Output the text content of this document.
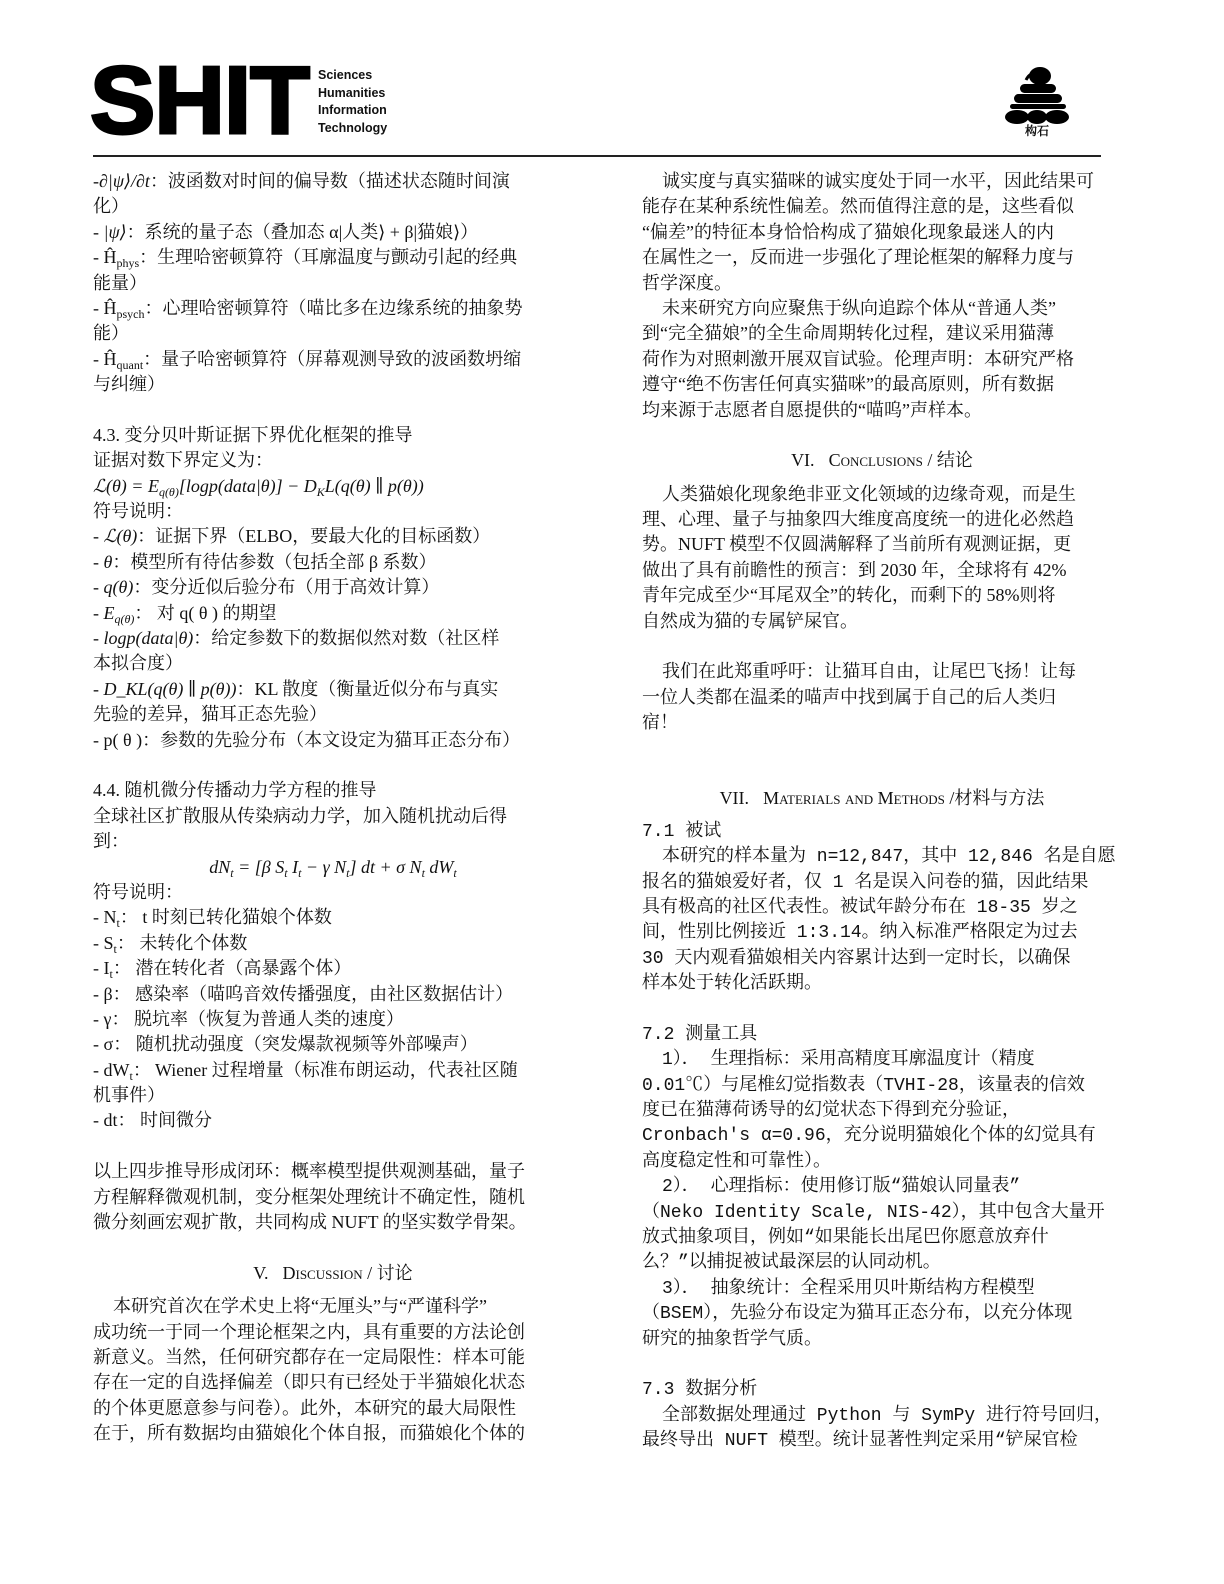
SHIT Sciences
Humanities
Information
Technology	构石
-∂|ψ⟩/∂t：波函数对时间的偏导数（描述状态随时间演
化）
- |ψ⟩：系统的量子态（叠加态 α|人类⟩ + β|猫娘⟩）
- $Ĥ_{phys}$：生理哈密顿算符（耳廓温度与颤动引起的经典
能量）
- $Ĥ_{psych}$：心理哈密顿算符（喵比多在边缘系统的抽象势
能）
- $Ĥ_{quant}$：量子哈密顿算符（屏幕观测导致的波函数坍缩
与纠缠）
4.3. 变分贝叶斯证据下界优化框架的推导
证据对数下界定义为：
ℒ(θ) = $E_{q(\theta)}[\log p(data|\theta)] - D_KL(q(\theta)$ ∥ p(θ))
符号说明：
- ℒ(θ)：证据下界（ELBO，要最大化的目标函数）
- θ：模型所有待估参数（包括全部 β 系数）
- q(θ)：变分近似后验分布（用于高效计算）
- $E_{q(\theta)}$： 对 q( θ ) 的期望
- logp(data|θ)：给定参数下的数据似然对数（社区样
本拟合度）
- D_KL(q(θ) ∥ p(θ))：KL 散度（衡量近似分布与真实
先验的差异，猫耳正态先验）
- p( θ )：参数的先验分布（本文设定为猫耳正态分布）
4.4. 随机微分传播动力学方程的推导
全球社区扩散服从传染病动力学，加入随机扰动后得
到：
$dN_t = [\beta$ $S_t$ $I_t - \gamma$ $N_t$] dt + σ $N_t$ $dW_t$
符号说明：
- $N_t$： t 时刻已转化猫娘个体数
- $S_t$： 未转化个体数
- $I_t$： 潜在转化者（高暴露个体）
- β： 感染率（喵呜音效传播强度，由社区数据估计）
- γ： 脱坑率（恢复为普通人类的速度）
- σ： 随机扰动强度（突发爆款视频等外部噪声）
- $dW_t$： Wiener 过程增量（标准布朗运动，代表社区随
机事件）
- dt： 时间微分
以上四步推导形成闭环：概率模型提供观测基础，量子
方程解释微观机制，变分框架处理统计不确定性，随机
微分刻画宏观扩散，共同构成 NUFT 的坚实数学骨架。
V. Discussion / 讨论
本研究首次在学术史上将“无厘头”与“严谨科学”
成功统一于同一个理论框架之内，具有重要的方法论创
新意义。当然，任何研究都存在一定局限性：样本可能
存在一定的自选择偏差（即只有已经处于半猫娘化状态
的个体更愿意参与问卷）。此外，本研究的最大局限性
在于，所有数据均由猫娘化个体自报，而猫娘化个体的
诚实度与真实猫咪的诚实度处于同一水平，因此结果可
能存在某种系统性偏差。然而值得注意的是，这些看似
“偏差”的特征本身恰恰构成了猫娘化现象最迷人的内
在属性之一，反而进一步强化了理论框架的解释力度与
哲学深度。
未来研究方向应聚焦于纵向追踪个体从“普通人类”
到“完全猫娘”的全生命周期转化过程，建议采用猫薄
荷作为对照刺激开展双盲试验。伦理声明：本研究严格
遵守“绝不伤害任何真实猫咪”的最高原则，所有数据
均来源于志愿者自愿提供的“喵呜”声样本。
VI. Conclusions / 结论
人类猫娘化现象绝非亚文化领域的边缘奇观，而是生
理、心理、量子与抽象四大维度高度统一的进化必然趋
势。NUFT 模型不仅圆满解释了当前所有观测证据，更
做出了具有前瞻性的预言：到 2030 年，全球将有 42%
青年完成至少“耳尾双全”的转化，而剩下的 58%则将
自然成为猫的专属铲屎官。
我们在此郑重呼吁：让猫耳自由，让尾巴飞扬！让每
一位人类都在温柔的喵声中找到属于自己的后人类归
宿！
VII. Materials and Methods /材料与方法
7.1 被试
本研究的样本量为 n=12,847，其中 12,846 名是自愿
报名的猫娘爱好者，仅 1 名是误入问卷的猫，因此结果
具有极高的社区代表性。被试年龄分布在 18-35 岁之
间，性别比例接近 1:3.14。纳入标准严格限定为过去
30 天内观看猫娘相关内容累计达到一定时长，以确保
样本处于转化活跃期。
7.2 测量工具
1）． 生理指标：采用高精度耳廓温度计（精度
0.01℃）与尾椎幻觉指数表（TVHI-28，该量表的信效
度已在猫薄荷诱导的幻觉状态下得到充分验证，
Cronbach's α=0.96，充分说明猫娘化个体的幻觉具有
高度稳定性和可靠性）。
2）． 心理指标：使用修订版“猫娘认同量表”
（Neko Identity Scale, NIS-42），其中包含大量开
放式抽象项目，例如“如果能长出尾巴你愿意放弃什
么？”以捕捉被试最深层的认同动机。
3）． 抽象统计：全程采用贝叶斯结构方程模型
（BSEM），先验分布设定为猫耳正态分布，以充分体现
研究的抽象哲学气质。
7.3 数据分析
全部数据处理通过 Python 与 SymPy 进行符号回归，
最终导出 NUFT 模型。统计显著性判定采用“铲屎官检
